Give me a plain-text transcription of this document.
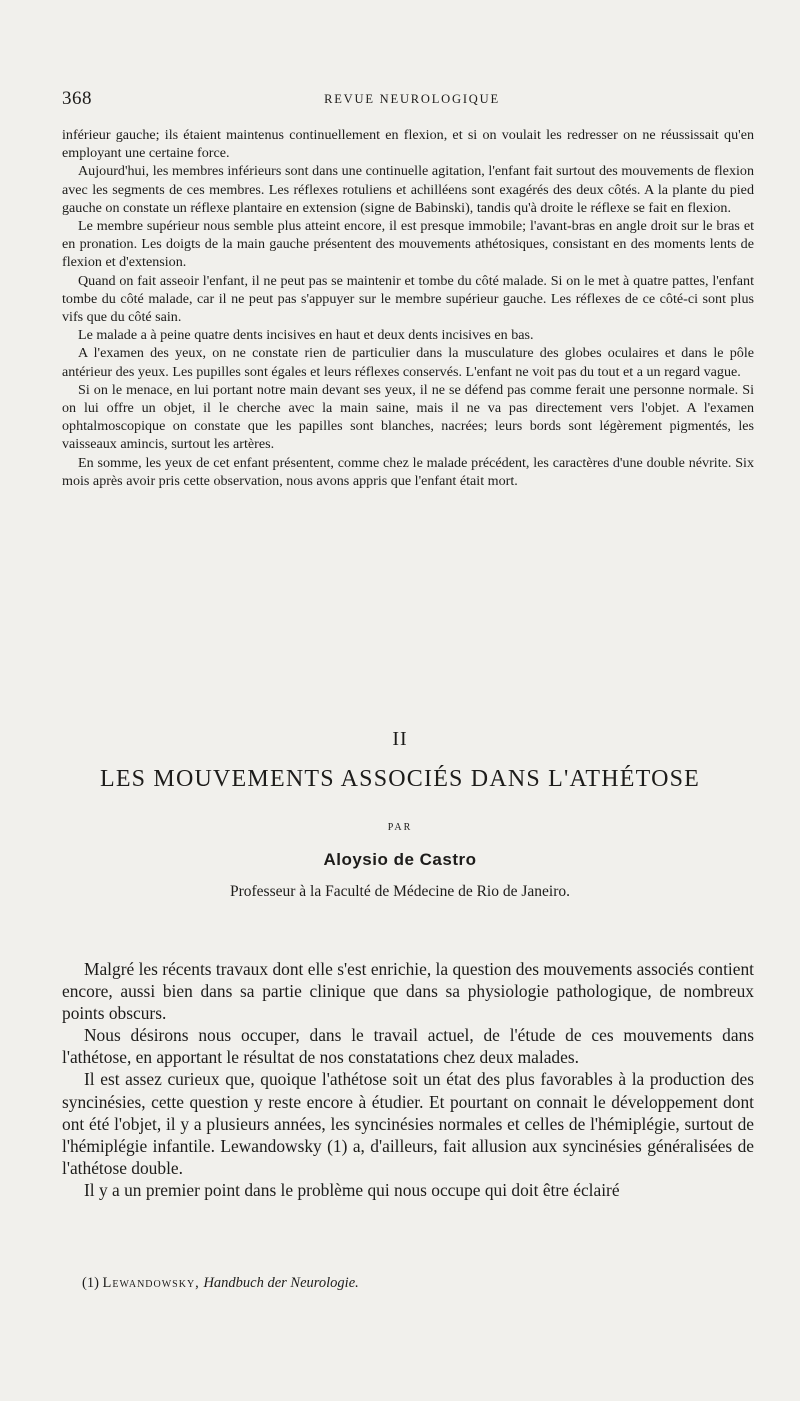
368	REVUE NEUROLOGIQUE

inférieur gauche; ils étaient maintenus continuellement en flexion, et si on voulait les redresser on ne réussissait qu'en employant une certaine force.

Aujourd'hui, les membres inférieurs sont dans une continuelle agitation, l'enfant fait surtout des mouvements de flexion avec les segments de ces membres. Les réflexes rotuliens et achilléens sont exagérés des deux côtés. A la plante du pied gauche on constate un réflexe plantaire en extension (signe de Babinski), tandis qu'à droite le réflexe se fait en flexion.

Le membre supérieur nous semble plus atteint encore, il est presque immobile; l'avant-bras en angle droit sur le bras et en pronation. Les doigts de la main gauche présentent des mouvements athétosiques, consistant en des moments lents de flexion et d'extension.

Quand on fait asseoir l'enfant, il ne peut pas se maintenir et tombe du côté malade. Si on le met à quatre pattes, l'enfant tombe du côté malade, car il ne peut pas s'appuyer sur le membre supérieur gauche. Les réflexes de ce côté-ci sont plus vifs que du côté sain.

Le malade a à peine quatre dents incisives en haut et deux dents incisives en bas.

A l'examen des yeux, on ne constate rien de particulier dans la musculature des globes oculaires et dans le pôle antérieur des yeux. Les pupilles sont égales et leurs réflexes conservés. L'enfant ne voit pas du tout et a un regard vague.

Si on le menace, en lui portant notre main devant ses yeux, il ne se défend pas comme ferait une personne normale. Si on lui offre un objet, il le cherche avec la main saine, mais il ne va pas directement vers l'objet. A l'examen ophtalmoscopique on constate que les papilles sont blanches, nacrées; leurs bords sont légèrement pigmentés, les vaisseaux amincis, surtout les artères.

En somme, les yeux de cet enfant présentent, comme chez le malade précédent, les caractères d'une double névrite. Six mois après avoir pris cette observation, nous avons appris que l'enfant était mort.

II
LES MOUVEMENTS ASSOCIÉS DANS L'ATHÉTOSE
PAR
Aloysio de Castro
Professeur à la Faculté de Médecine de Rio de Janeiro.

Malgré les récents travaux dont elle s'est enrichie, la question des mouvements associés contient encore, aussi bien dans sa partie clinique que dans sa physiologie pathologique, de nombreux points obscurs.

Nous désirons nous occuper, dans le travail actuel, de l'étude de ces mouvements dans l'athétose, en apportant le résultat de nos constatations chez deux malades.

Il est assez curieux que, quoique l'athétose soit un état des plus favorables à la production des syncinésies, cette question y reste encore à étudier. Et pourtant on connait le développement dont ont été l'objet, il y a plusieurs années, les syncinésies normales et celles de l'hémiplégie, surtout de l'hémiplégie infantile. Lewandowsky (1) a, d'ailleurs, fait allusion aux syncinésies généralisées de l'athétose double.

Il y a un premier point dans le problème qui nous occupe qui doit être éclairé

(1) Lewandowsky, Handbuch der Neurologie.
